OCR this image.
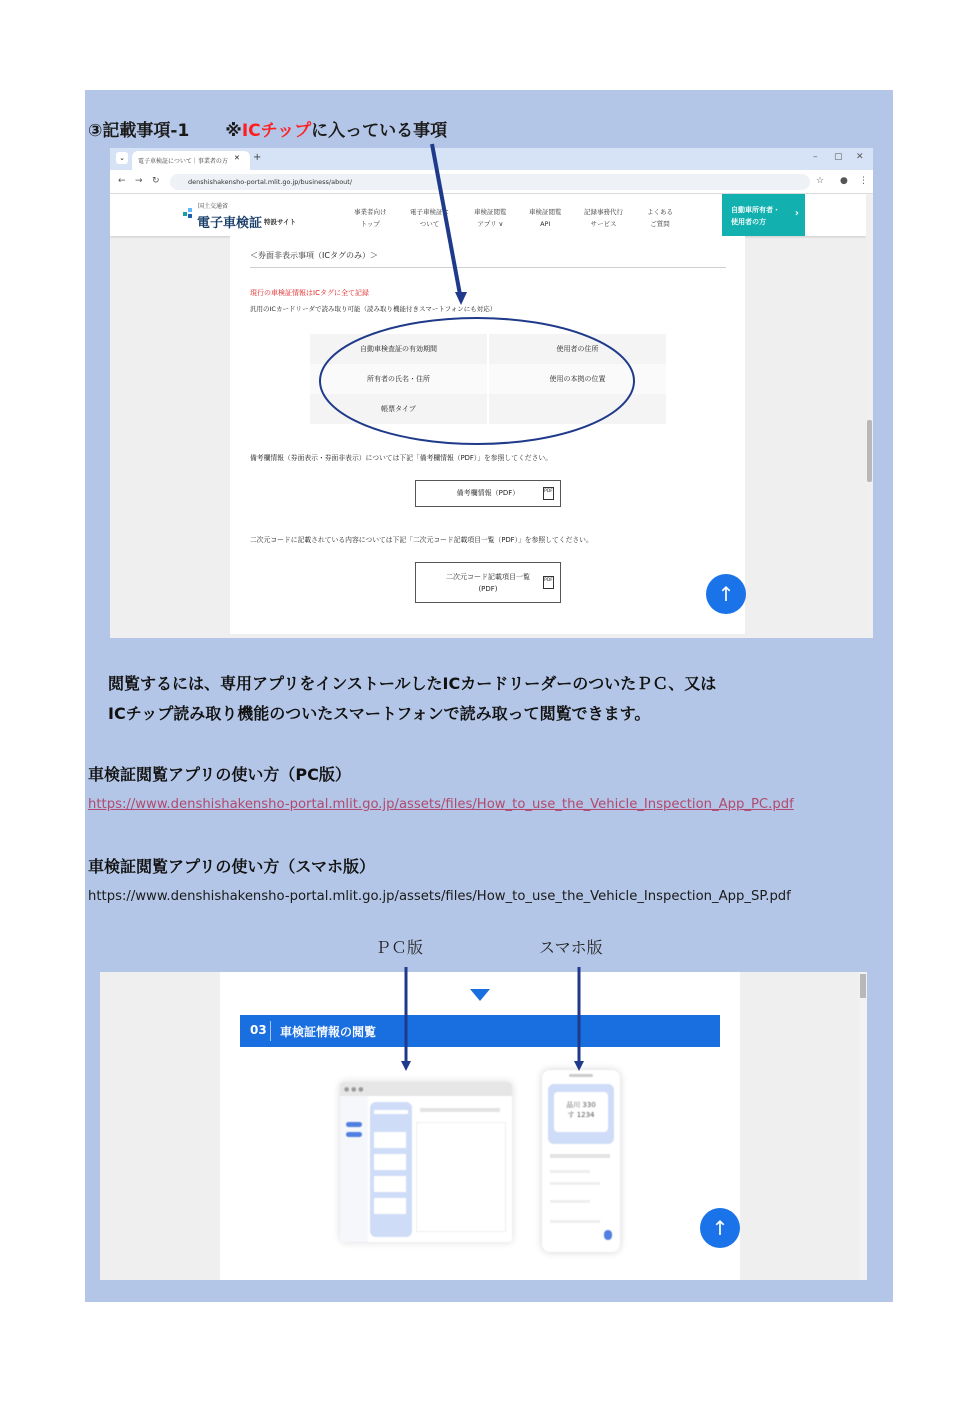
③記載事項-1 ※ICチップに入っている事項
⌄	電子車検証について｜事業者の方 ✕ +	– ▢ ✕
← → ↻	denshishakensho-portal.mlit.go.jp/business/about/	☆ ● ⋮
国土交通省
電子車検証 特設サイト
事業者向け
トップ
電子車検証に
ついて
車検証閲覧
アプリ ∨
車検証閲覧
API
記録事務代行
サービス
よくある
ご質問
自動車所有者・
使用者の方
›
＜券面非表示事項（ICタグのみ）＞
現行の車検証情報はICタグに全て記録
汎用のICカードリーダで読み取り可能（読み取り機能付きスマートフォンにも対応）
自動車検査証の有効期間	使用者の住所
所有者の氏名・住所	使用の本拠の位置
帳票タイプ
備考欄情報（券面表示・券面非表示）については下記「備考欄情報（PDF）」を参照してください。
備考欄情報（PDF）	PDF
二次元コードに記載されている内容については下記「二次元コード記載項目一覧（PDF）」を参照してください。
二次元コード記載項目一覧
(PDF)
PDF
↑
閲覧するには、専用アプリをインストールしたICカードリーダーのついたＰＣ、又は
ICチップ読み取り機能のついたスマートフォンで読み取って閲覧できます。
車検証閲覧アプリの使い方（PC版）
https://www.denshishakensho-portal.mlit.go.jp/assets/files/How_to_use_the_Vehicle_Inspection_App_PC.pdf
車検証閲覧アプリの使い方（スマホ版）
https://www.denshishakensho-portal.mlit.go.jp/assets/files/How_to_use_the_Vehicle_Inspection_App_SP.pdf
ＰＣ版	スマホ版
03 車検証情報の閲覧
● ● ●
品川 330
す 1234
↑
